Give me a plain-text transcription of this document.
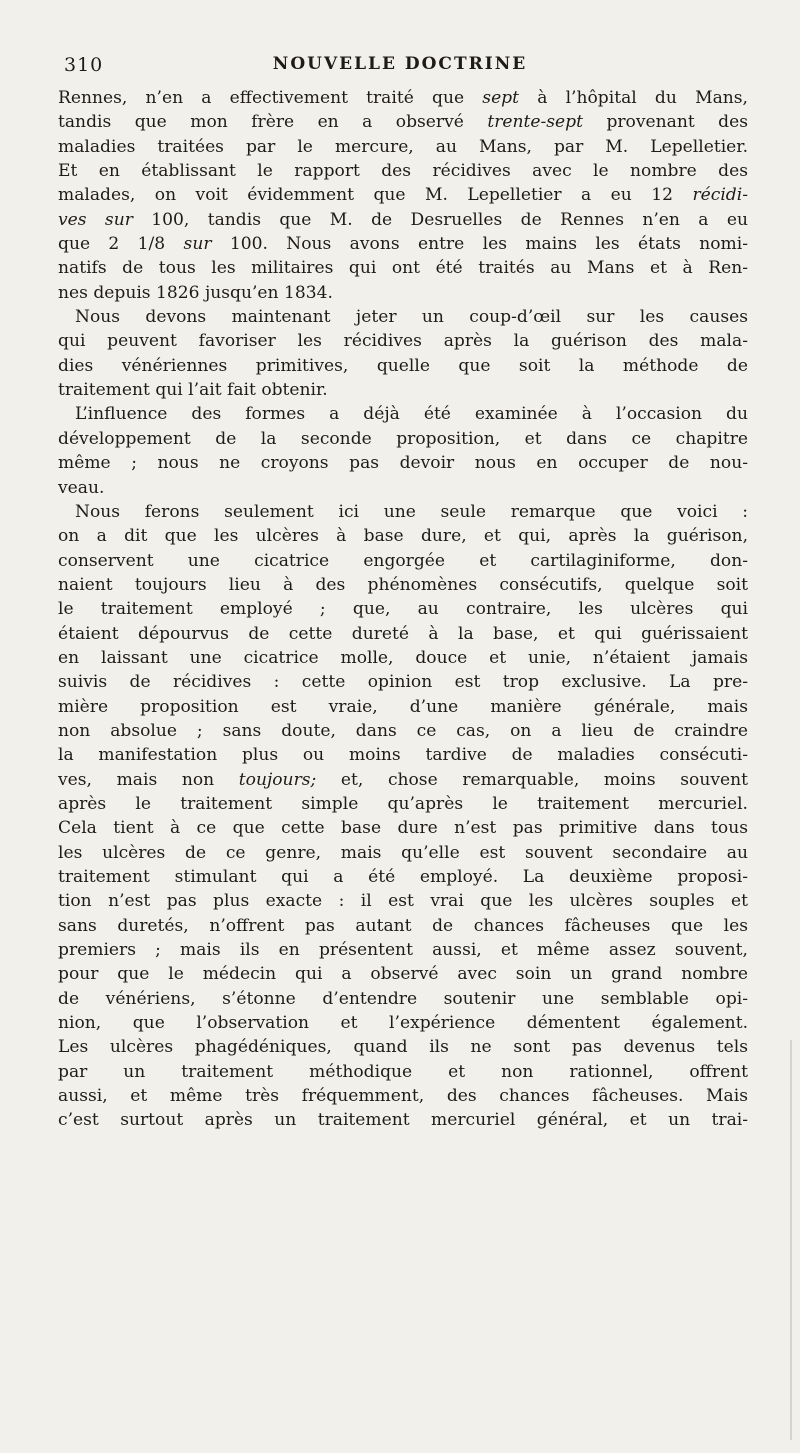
310	NOUVELLE DOCTRINE
Rennes, n’en a effectivement traité que sept à l’hôpital du Mans,
tandis que mon frère en a observé trente-sept provenant des
maladies traitées par le mercure, au Mans, par M. Lepelletier.
Et en établissant le rapport des récidives avec le nombre des
malades, on voit évidemment que M. Lepelletier a eu 12 récidi-
ves sur 100, tandis que M. de Desruelles de Rennes n’en a eu
que 2 1/8 sur 100. Nous avons entre les mains les états nomi-
natifs de tous les militaires qui ont été traités au Mans et à Ren-
nes depuis 1826 jusqu’en 1834.
Nous devons maintenant jeter un coup-d’œil sur les causes
qui peuvent favoriser les récidives après la guérison des mala-
dies vénériennes primitives, quelle que soit la méthode de
traitement qui l’ait fait obtenir.
L’influence des formes a déjà été examinée à l’occasion du
développement de la seconde proposition, et dans ce chapitre
même ; nous ne croyons pas devoir nous en occuper de nou-
veau.
Nous ferons seulement ici une seule remarque que voici :
on a dit que les ulcères à base dure, et qui, après la guérison,
conservent une cicatrice engorgée et cartilaginiforme, don-
naient toujours lieu à des phénomènes consécutifs, quelque soit
le traitement employé ; que, au contraire, les ulcères qui
étaient dépourvus de cette dureté à la base, et qui guérissaient
en laissant une cicatrice molle, douce et unie, n’étaient jamais
suivis de récidives : cette opinion est trop exclusive. La pre-
mière proposition est vraie, d’une manière générale, mais
non absolue ; sans doute, dans ce cas, on a lieu de craindre
la manifestation plus ou moins tardive de maladies consécuti-
ves, mais non toujours; et, chose remarquable, moins souvent
après le traitement simple qu’après le traitement mercuriel.
Cela tient à ce que cette base dure n’est pas primitive dans tous
les ulcères de ce genre, mais qu’elle est souvent secondaire au
traitement stimulant qui a été employé. La deuxième proposi-
tion n’est pas plus exacte : il est vrai que les ulcères souples et
sans duretés, n’offrent pas autant de chances fâcheuses que les
premiers ; mais ils en présentent aussi, et même assez souvent,
pour que le médecin qui a observé avec soin un grand nombre
de vénériens, s’étonne d’entendre soutenir une semblable opi-
nion, que l’observation et l’expérience démentent également.
Les ulcères phagédéniques, quand ils ne sont pas devenus tels
par un traitement méthodique et non rationnel, offrent
aussi, et même très fréquemment, des chances fâcheuses. Mais
c’est surtout après un traitement mercuriel général, et un trai-
